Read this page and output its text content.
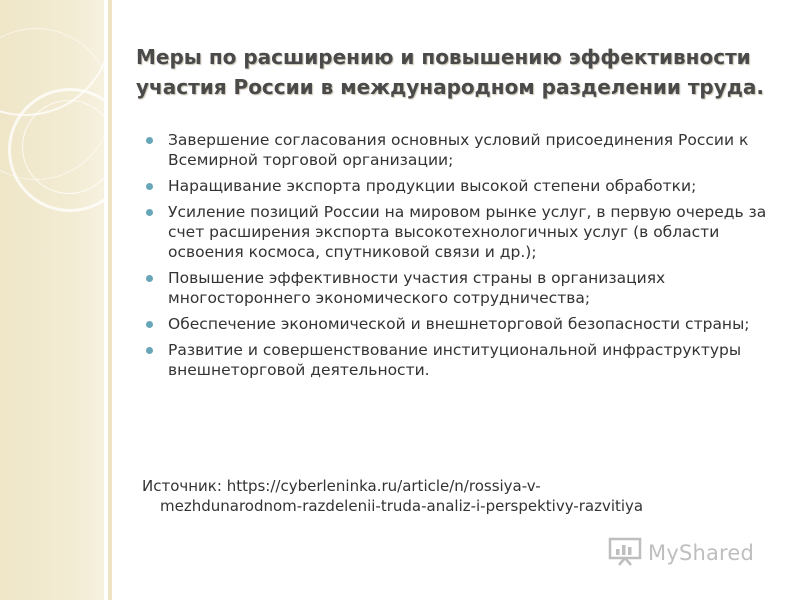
Меры по расширению и повышению эффективности участия России в международном разделении труда.
Завершение согласования основных условий присоединения России к Всемирной торговой организации;
Наращивание экспорта продукции высокой степени обработки;
Усиление позиций России на мировом рынке услуг, в первую очередь за счет расширения экспорта высокотехнологичных услуг (в области освоения космоса, спутниковой связи и др.);
Повышение эффективности участия страны в организациях многостороннего экономического сотрудничества;
Обеспечение экономической и внешнеторговой безопасности страны;
Развитие и совершенствование институциональной инфраструктуры внешнеторговой деятельности.
Источник: https://cyberleninka.ru/article/n/rossiya-v-
mezhdunarodnom-razdelenii-truda-analiz-i-perspektivy-razvitiya
MyShared
